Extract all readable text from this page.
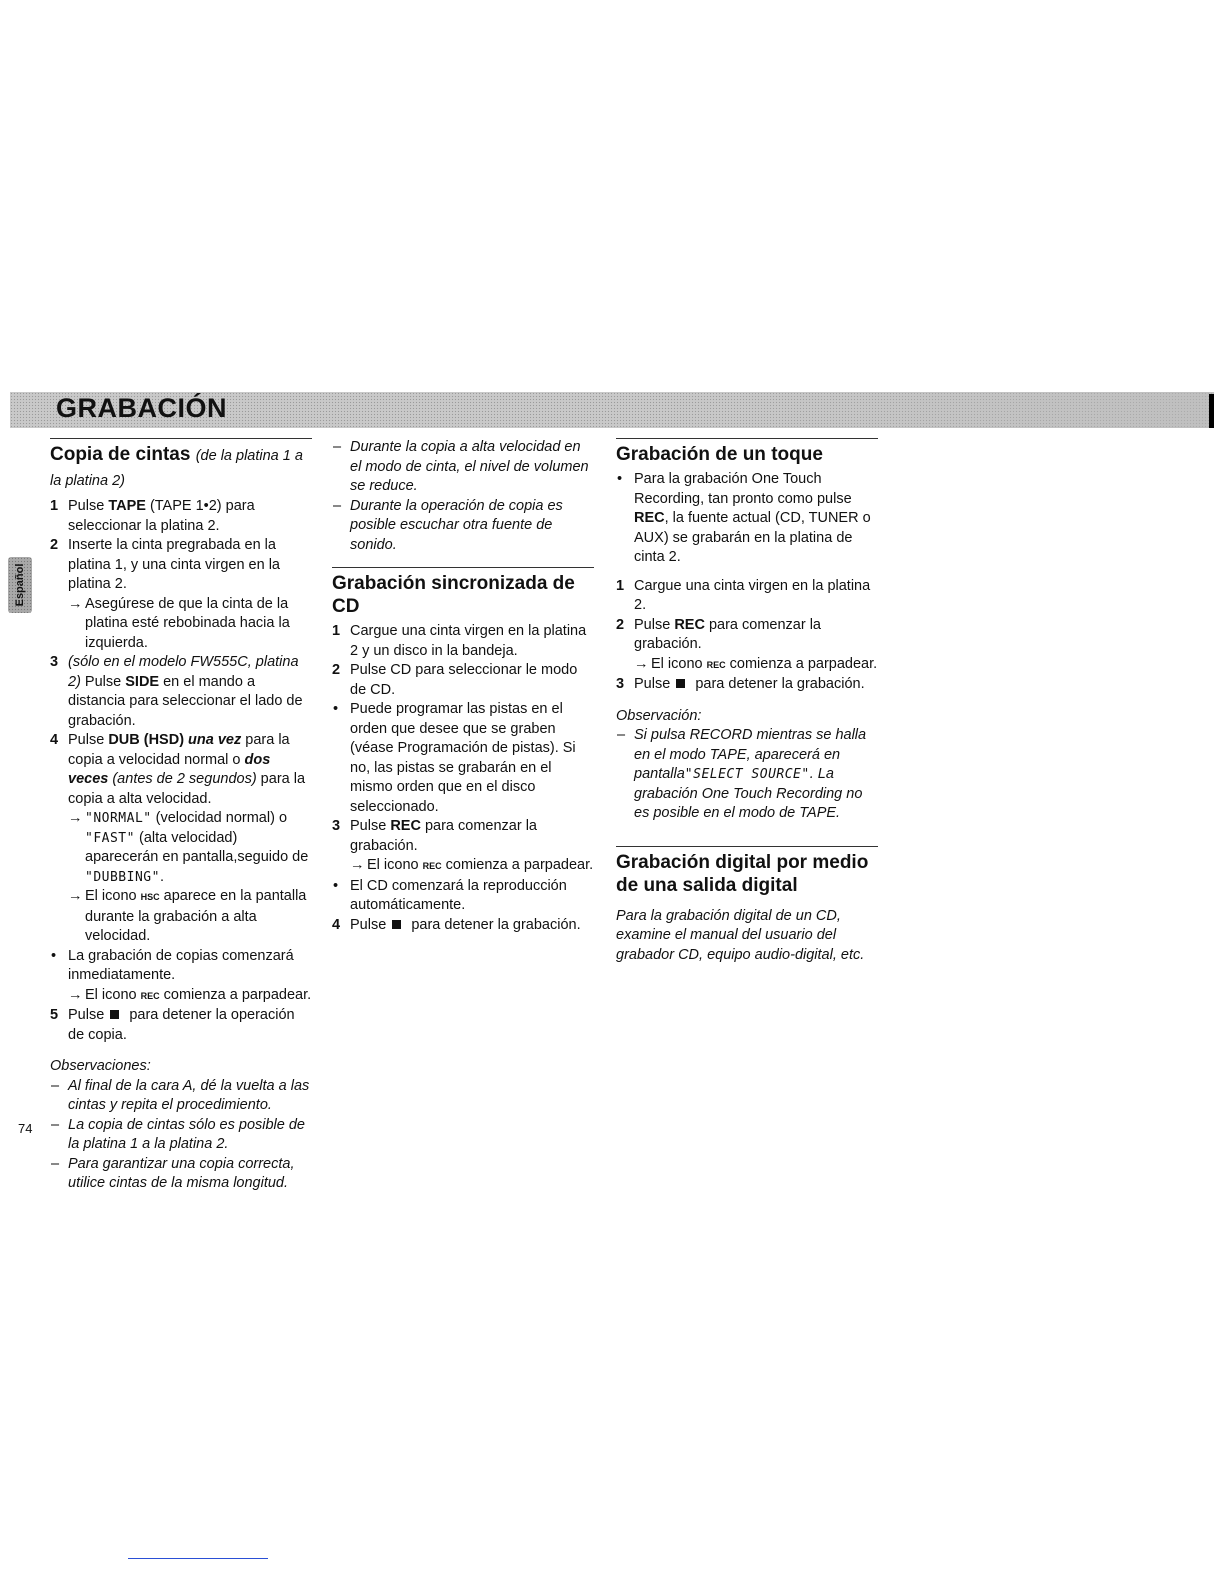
GRABACIÓN
Español
Copia de cintas (de la platina 1 a la platina 2)
1 Pulse TAPE (TAPE 1•2) para seleccionar la platina 2.
2 Inserte la cinta pregrabada en la platina 1, y una cinta virgen en la platina 2.
→ Asegúrese de que la cinta de la platina esté rebobinada hacia la izquierda.
3 (sólo en el modelo FW555C, platina 2) Pulse SIDE en el mando a distancia para seleccionar el lado de grabación.
4 Pulse DUB (HSD) una vez para la copia a velocidad normal o dos veces (antes de 2 segundos) para la copia a alta velocidad.
→ "NORMAL" (velocidad normal) o "FAST" (alta velocidad) aparecerán en pantalla,seguido de "DUBBING".
→ El icono HSC aparece en la pantalla durante la grabación a alta velocidad.
• La grabación de copias comenzará inmediatamente.
→ El icono REC comienza a parpadear.
5 Pulse  para detener la operación de copia.
Observaciones:
– Al final de la cara A, dé la vuelta a las cintas y repita el procedimiento.
– La copia de cintas sólo es posible de la platina 1 a la platina 2.
– Para garantizar una copia correcta, utilice cintas de la misma longitud.
– Durante la copia a alta velocidad en el modo de cinta, el nivel de volumen se reduce.
– Durante la operación de copia es posible escuchar otra fuente de sonido.
Grabación sincronizada de CD
1 Cargue una cinta virgen en la platina 2 y un disco in la bandeja.
2 Pulse CD para seleccionar le modo de CD.
• Puede programar las pistas en el orden que desee que se graben (véase Programación de pistas). Si no, las pistas se grabarán en el mismo orden que en el disco seleccionado.
3 Pulse REC para comenzar la grabación.
→ El icono REC comienza a parpadear.
• El CD comenzará la reproducción automáticamente.
4 Pulse  para detener la grabación.
Grabación de un toque
• Para la grabación One Touch Recording, tan pronto como pulse REC, la fuente actual (CD, TUNER o AUX) se grabarán en la platina de cinta 2.
1 Cargue una cinta virgen en la platina 2.
2 Pulse REC para comenzar la grabación.
→ El icono REC comienza a parpadear.
3 Pulse  para detener la grabación.
Observación:
– Si pulsa RECORD mientras se halla en el modo TAPE, aparecerá en pantalla"SELECT SOURCE". La grabación One Touch Recording no es posible en el modo de TAPE.
Grabación digital por medio de una salida digital
Para la grabación digital de un CD, examine el manual del usuario del grabador CD, equipo audio-digital, etc.
74
